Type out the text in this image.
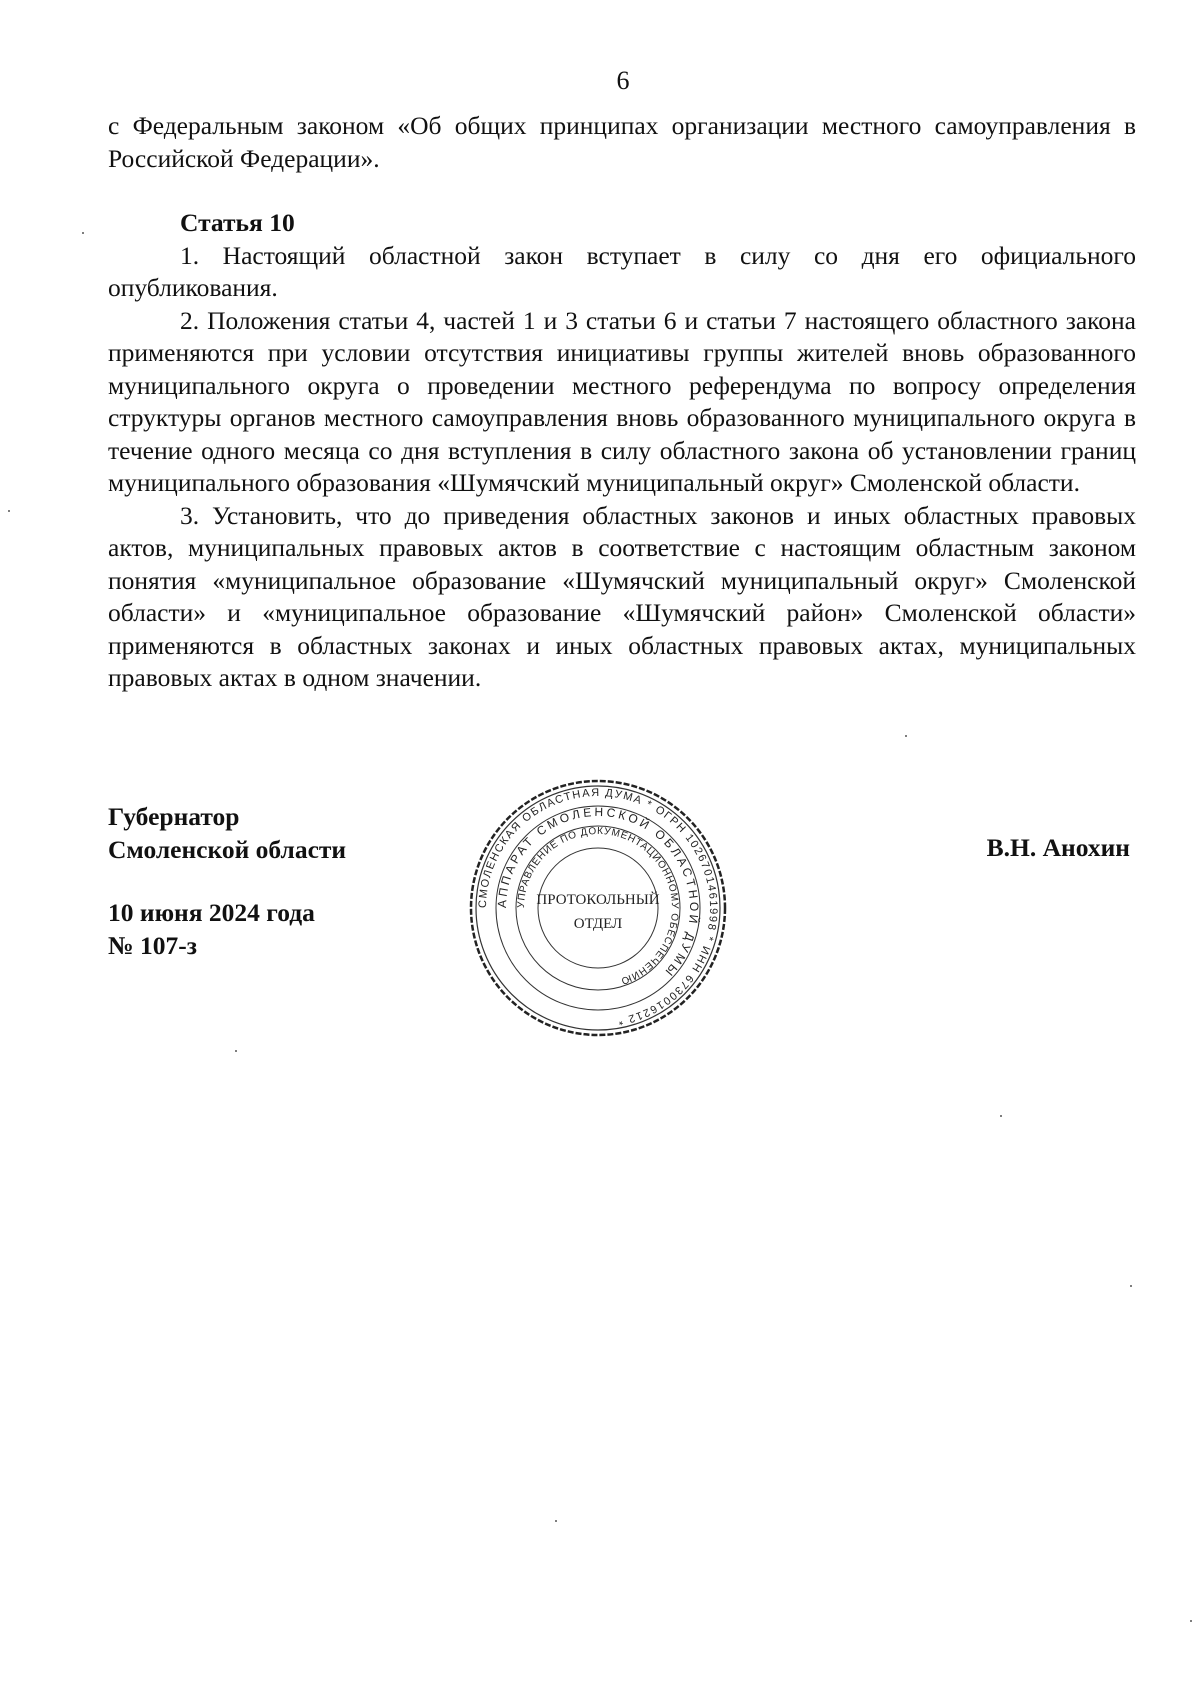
6

с Федеральным законом «Об общих принципах организации местного самоуправления в Российской Федерации».

Статья 10

1. Настоящий областной закон вступает в силу со дня его официального опубликования.

2. Положения статьи 4, частей 1 и 3 статьи 6 и статьи 7 настоящего областного закона применяются при условии отсутствия инициативы группы жителей вновь образованного муниципального округа о проведении местного референдума по вопросу определения структуры органов местного самоуправления вновь образованного муниципального округа в течение одного месяца со дня вступления в силу областного закона об установлении границ муниципального образования «Шумячский муниципальный округ» Смоленской области.

3. Установить, что до приведения областных законов и иных областных правовых актов, муниципальных правовых актов в соответствие с настоящим областным законом понятия «муниципальное образование «Шумячский муниципальный округ» Смоленской области» и «муниципальное образование «Шумячский район» Смоленской области» применяются в областных законах и иных областных правовых актах, муниципальных правовых актах в одном значении.

Губернатор
Смоленской области
10 июня 2024 года
№ 107-з
В.Н. Анохин
СМОЛЕНСКАЯ ОБЛАСТНАЯ ДУМА * ОГРН 1026701461998 * ИНН 6730016212 *
АППАРАТ СМОЛЕНСКОЙ ОБЛАСТНОЙ ДУМЫ
УПРАВЛЕНИЕ ПО ДОКУМЕНТАЦИОННОМУ ОБЕСПЕЧЕНИЮ
ПРОТОКОЛЬНЫЙ
ОТДЕЛ
